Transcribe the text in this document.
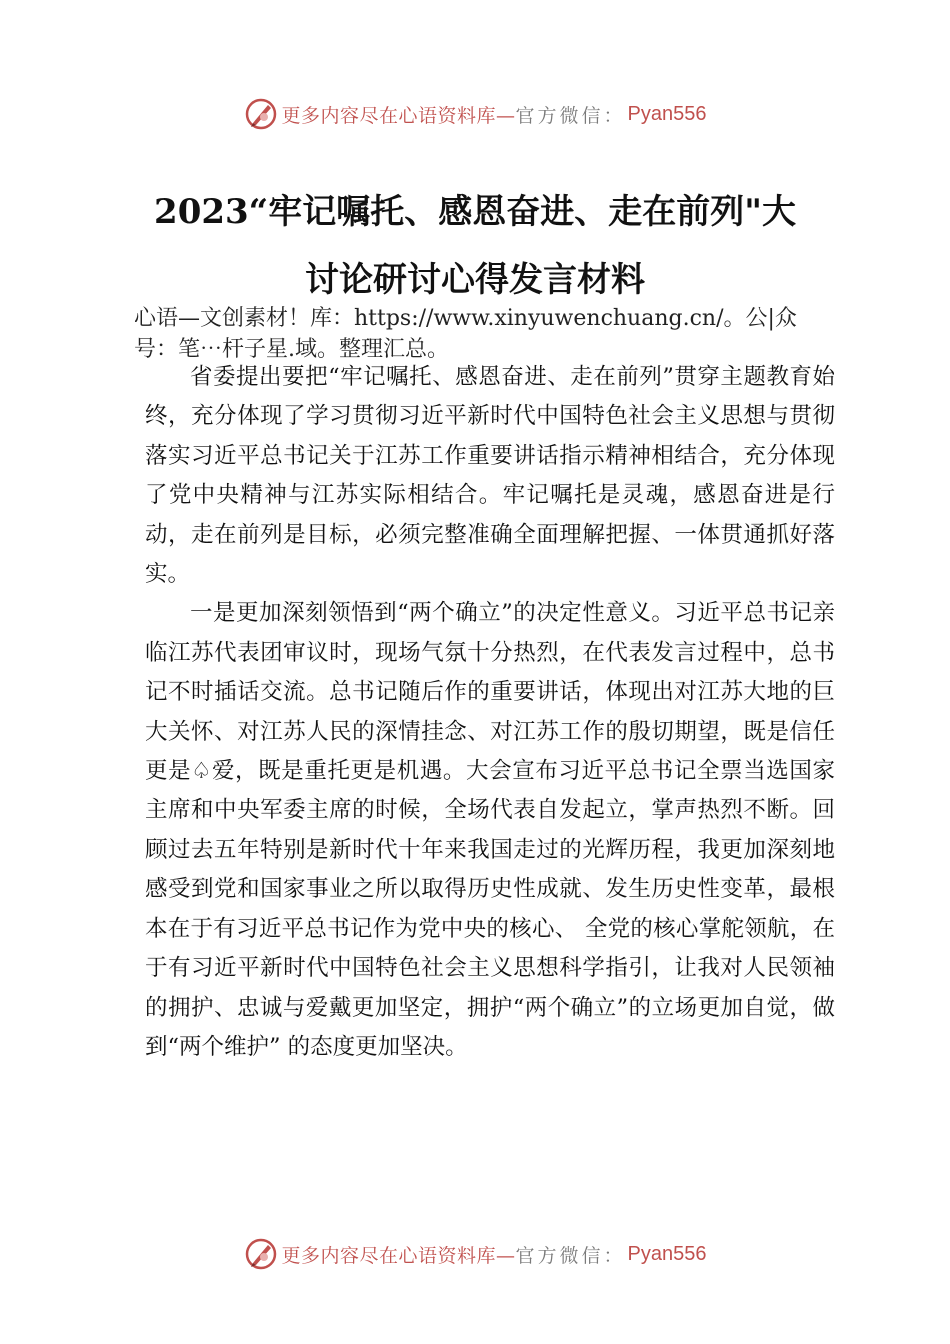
更多内容尽在心语资料库— 官方微信： Pyan556
2023“牢记嘱托、感恩奋进、走在前列"大
讨论研讨心得发言材料

心语—文创素材！库：https://www.xinyuwenchuang.cn/。公|众号：笔⋯杆子星.域。整理汇总。

省委提出要把“牢记嘱托、感恩奋进、走在前列”贯穿主题教育始终，充分体现了学习贯彻习近平新时代中国特色社会主义思想与贯彻落实习近平总书记关于江苏工作重要讲话指示精神相结合，充分体现了党中央精神与江苏实际相结合。牢记嘱托是灵魂，感恩奋进是行动，走在前列是目标，必须完整准确全面理解把握、一体贯通抓好落实。

一是更加深刻领悟到“两个确立”的决定性意义。习近平总书记亲临江苏代表团审议时，现场气氛十分热烈，在代表发言过程中，总书记不时插话交流。总书记随后作的重要讲话，体现出对江苏大地的巨大关怀、对江苏人民的深情挂念、对江苏工作的殷切期望，既是信任更是♤爱，既是重托更是机遇。大会宣布习近平总书记全票当选国家主席和中央军委主席的时候，全场代表自发起立，掌声热烈不断。回顾过去五年特别是新时代十年来我国走过的光辉历程，我更加深刻地感受到党和国家事业之所以取得历史性成就、发生历史性变革，最根本在于有习近平总书记作为党中央的核心、 全党的核心掌舵领航，在于有习近平新时代中国特色社会主义思想科学指引，让我对人民领袖的拥护、忠诚与爱戴更加坚定，拥护“两个确立”的立场更加自觉，做到“两个维护” 的态度更加坚决。

更多内容尽在心语资料库— 官方微信： Pyan556
